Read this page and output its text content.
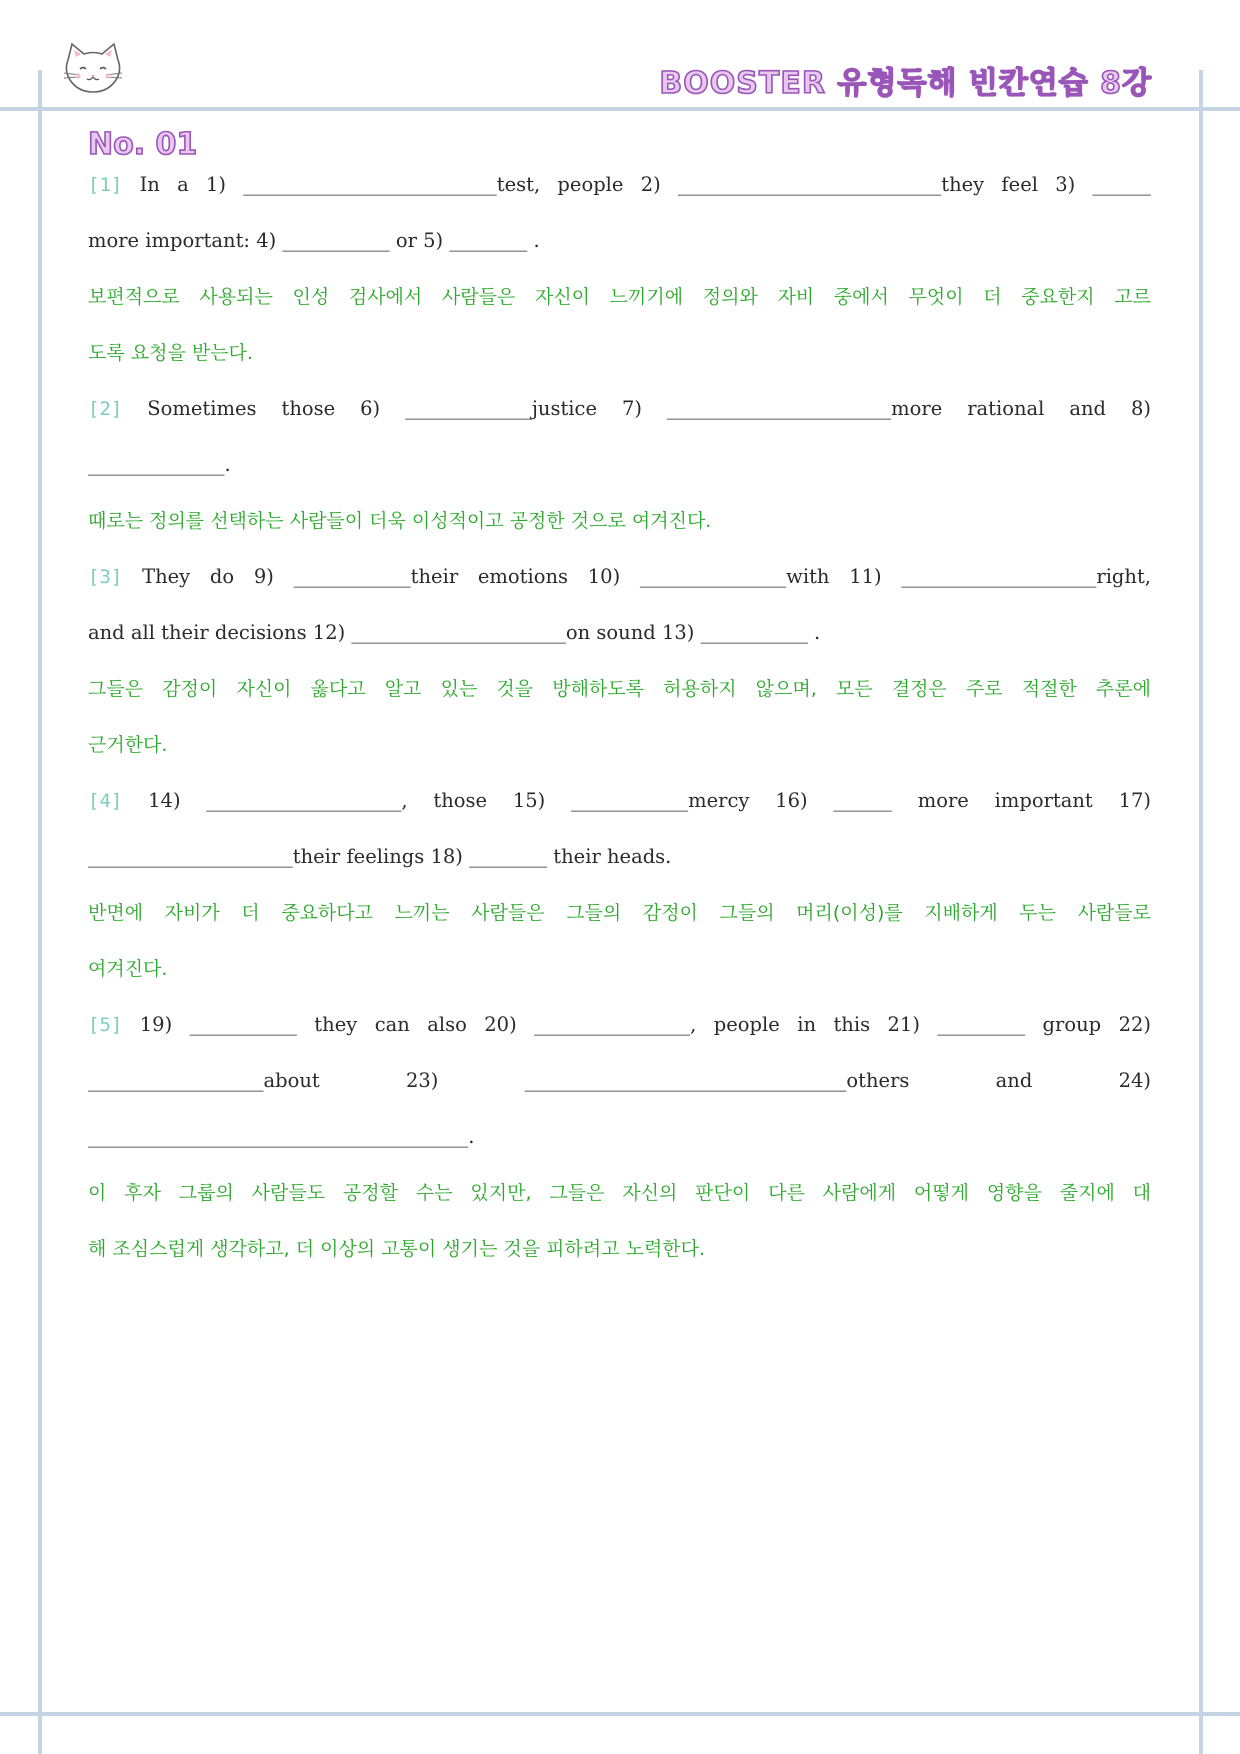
BOOSTER 유형독해 빈칸연습 8강
No. 01
[1] In a 1) __________________________test, people 2) ___________________________they feel 3) ______
more important: 4) ___________ or 5) ________ .
보편적으로 사용되는 인성 검사에서 사람들은 자신이 느끼기에 정의와 자비 중에서 무엇이 더 중요한지 고르
도록 요청을 받는다.
[2] Sometimes those 6) _____________justice 7) _______________________more rational and 8)
______________.
때로는 정의를 선택하는 사람들이 더욱 이성적이고 공정한 것으로 여겨진다.
[3] They do 9) ____________their emotions 10) _______________with 11) ____________________right,
and all their decisions 12) ______________________on sound 13) ___________ .
그들은 감정이 자신이 옳다고 알고 있는 것을 방해하도록 허용하지 않으며, 모든 결정은 주로 적절한 추론에
근거한다.
[4] 14) ____________________, those 15) ____________mercy 16) ______ more important 17)
_____________________their feelings 18) ________ their heads.
반면에 자비가 더 중요하다고 느끼는 사람들은 그들의 감정이 그들의 머리(이성)를 지배하게 두는 사람들로
여겨진다.
[5] 19) ___________ they can also 20) ________________, people in this 21) _________ group 22)
__________________about 23) _________________________________others and 24)
_______________________________________.
이 후자 그룹의 사람들도 공정할 수는 있지만, 그들은 자신의 판단이 다른 사람에게 어떻게 영향을 줄지에 대
해 조심스럽게 생각하고, 더 이상의 고통이 생기는 것을 피하려고 노력한다.
